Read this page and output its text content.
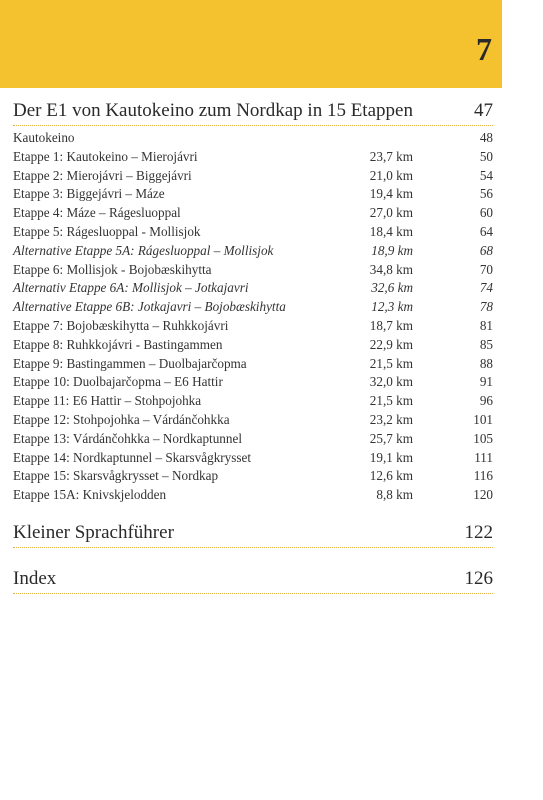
7
Der E1 von Kautokeino zum Nordkap in 15 Etappen	47
Kautokeino	48
Etappe 1: Kautokeino – Mierojávri	23,7 km	50
Etappe 2: Mierojávri – Biggejávri	21,0 km	54
Etappe 3: Biggejávri – Máze	19,4 km	56
Etappe 4: Máze – Rágesluoppal	27,0 km	60
Etappe 5: Rágesluoppal - Mollisjok	18,4 km	64
Alternative Etappe 5A: Rágesluoppal – Mollisjok	18,9 km	68
Etappe 6: Mollisjok - Bojobæskihytta	34,8 km	70
Alternativ Etappe 6A: Mollisjok – Jotkajavri	32,6 km	74
Alternative Etappe 6B: Jotkajavri – Bojobæskihytta	12,3 km	78
Etappe 7: Bojobæskihytta – Ruhkkojávri	18,7 km	81
Etappe 8: Ruhkkojávri - Bastingammen	22,9 km	85
Etappe 9: Bastingammen – Duolbajarčopma	21,5 km	88
Etappe 10: Duolbajarčopma – E6 Hattir	32,0 km	91
Etappe 11: E6 Hattir – Stohpojohka	21,5 km	96
Etappe 12: Stohpojohka – Várdánčohkka	23,2 km	101
Etappe 13: Várdánčohkka – Nordkaptunnel	25,7 km	105
Etappe 14: Nordkaptunnel – Skarsvågkrysset	19,1 km	111
Etappe 15: Skarsvågkrysset – Nordkap	12,6 km	116
Etappe 15A: Knivskjelodden	8,8 km	120
Kleiner Sprachführer	122
Index	126
